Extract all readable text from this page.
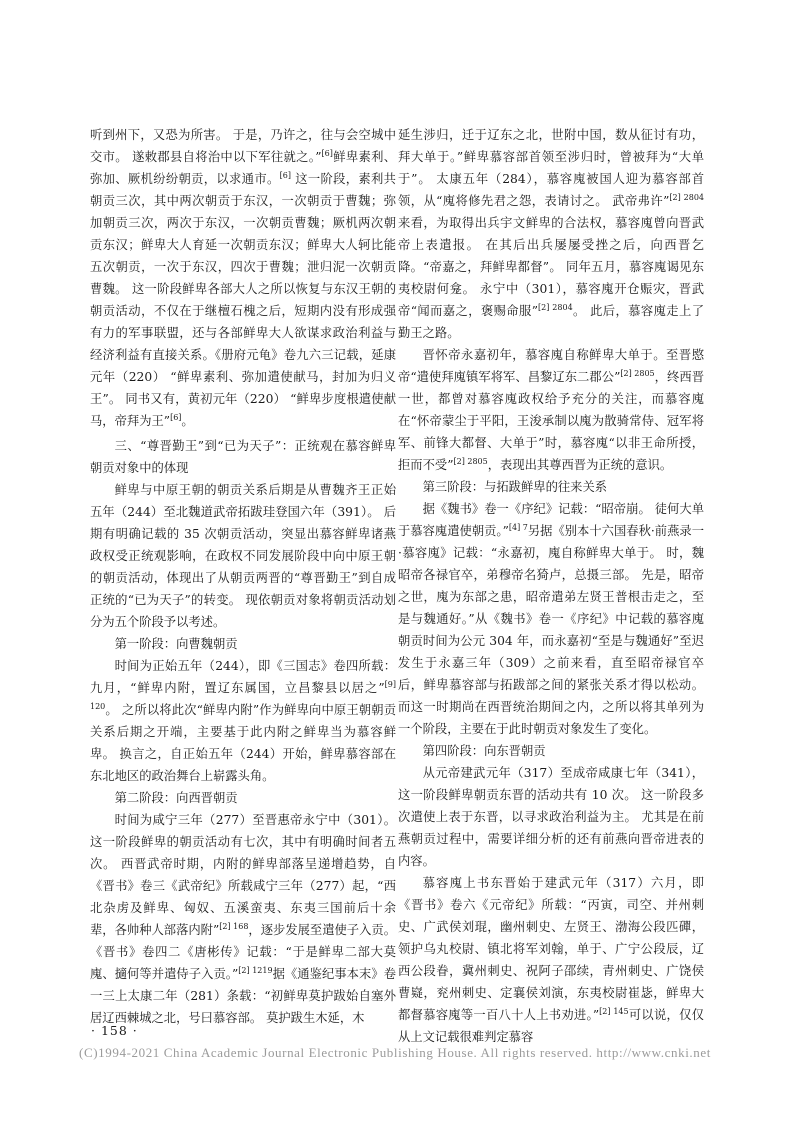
听到州下，又恐为所害。 于是，乃许之，往与会空城中交市。 遂敕郡县自将治中以下军往就之。”[6]鲜卑素利、弥加、厥机纷纷朝贡，以求通市。[6] 这一阶段，素利共朝贡三次，其中两次朝贡于东汉，一次朝贡于曹魏；弥加朝贡三次，两次于东汉，一次朝贡曹魏；厥机两次朝贡东汉；鲜卑大人育延一次朝贡东汉；鲜卑大人轲比能五次朝贡，一次于东汉，四次于曹魏；泄归泥一次朝贡曹魏。 这一阶段鲜卑各部大人之所以恢复与东汉王朝的朝贡活动，不仅在于继檀石槐之后，短期内没有形成强有力的军事联盟，还与各部鲜卑大人欲谋求政治利益与经济利益有直接关系。《册府元龟》卷九六三记载，延康元年（220） “鲜卑素利、弥加遣使献马，封加为归义王”。 同书又有，黄初元年（220） “鲜卑步度根遣使献马，帝拜为王”[6]。

三、“尊晋勤王”到“已为天子”：正统观在慕容鲜卑朝贡对象中的体现

鲜卑与中原王朝的朝贡关系后期是从曹魏齐王正始五年（244）至北魏道武帝拓跋珪登国六年（391）。 后期有明确记载的 35 次朝贡活动，突显出慕容鲜卑诸燕政权受正统观影响，在政权不同发展阶段中向中原王朝的朝贡活动，体现出了从朝贡两晋的“尊晋勤王”到自成正统的“已为天子”的转变。 现依朝贡对象将朝贡活动划分为五个阶段予以考述。

第一阶段：向曹魏朝贡

时间为正始五年（244），即《三国志》卷四所载：九月，“鲜卑内附，置辽东属国，立昌黎县以居之”$^{[9] 120}$。 之所以将此次“鲜卑内附”作为鲜卑向中原王朝朝贡关系后期之开端，主要基于此内附之鲜卑当为慕容鲜卑。 换言之，自正始五年（244）开始，鲜卑慕容部在东北地区的政治舞台上崭露头角。

第二阶段：向西晋朝贡

时间为咸宁三年（277）至晋惠帝永宁中（301）。 这一阶段鲜卑的朝贡活动有七次，其中有明确时间者五次。 西晋武帝时期，内附的鲜卑部落呈递增趋势，自《晋书》卷三《武帝纪》所载咸宁三年（277）起，“西北杂虏及鲜卑、匈奴、五溪蛮夷、东夷三国前后十余辈，各帅种人部落内附”$^{[2] 168}$，逐步发展至遣使子入贡。《晋书》卷四二《唐彬传》记载：“于是鲜卑二部大莫廆、擿何等并遣侍子入贡。”$^{[2] 1219}$据《通鉴纪事本末》卷一三上太康二年（281）条载：“初鲜卑莫护跋始自塞外居辽西棘城之北，号曰慕容部。 莫护跋生木延，木

延生涉归，迁于辽东之北，世附中国，数从征讨有功，拜大单于。”鲜卑慕容部首领至涉归时，曾被拜为“大单于”。 太康五年（284），慕容廆被国人迎为慕容部首领，从“廆将修先君之怨，表请讨之。 武帝弗许”$^{[2] 2804}$来看，为取得出兵宇文鲜卑的合法权，慕容廆曾向晋武帝上表遣报。 在其后出兵屡屡受挫之后，向西晋乞降。“帝嘉之，拜鲜卑都督”。 同年五月，慕容廆谒见东夷校尉何龛。 永宁中（301），慕容廆开仓赈灾，晋武帝“闻而嘉之，褒赐命服”$^{[2] 2804}$。 此后，慕容廆走上了勤王之路。

晋怀帝永嘉初年，慕容廆自称鲜卑大单于。至晋愍帝“遣使拜廆镇军将军、昌黎辽东二郡公”$^{[2] 2805}$，终西晋一世，都曾对慕容廆政权给予充分的关注，而慕容廆在“怀帝蒙尘于平阳，王浚承制以廆为散骑常侍、冠军将军、前锋大都督、大单于”时，慕容廆“以非王命所授，拒而不受”$^{[2] 2805}$，表现出其尊西晋为正统的意识。

第三阶段：与拓跋鲜卑的往来关系

据《魏书》卷一《序纪》记载：“昭帝崩。 徒何大单于慕容廆遣使朝贡。”$^{[4] 7}$另据《别本十六国春秋·前燕录一·慕容廆》记载：“永嘉初，廆自称鲜卑大单于。 时，魏昭帝各禄官卒，弟穆帝名猗卢，总摄三部。 先是，昭帝之世，廆为东部之患，昭帝遣弟左贤王普根击走之，至是与魏通好。”从《魏书》卷一《序纪》中记载的慕容廆朝贡时间为公元 304 年，而永嘉初“至是与魏通好”至迟发生于永嘉三年（309）之前来看，直至昭帝禄官卒后，鲜卑慕容部与拓跋部之间的紧张关系才得以松动。 而这一时期尚在西晋统治期间之内，之所以将其单列为一个阶段，主要在于此时朝贡对象发生了变化。

第四阶段：向东晋朝贡

从元帝建武元年（317）至成帝咸康七年（341），这一阶段鲜卑朝贡东晋的活动共有 10 次。 这一阶段多次遣使上表于东晋，以寻求政治利益为主。 尤其是在前燕朝贡过程中，需要详细分析的还有前燕向晋帝进表的内容。

慕容廆上书东晋始于建武元年（317）六月，即《晋书》卷六《元帝纪》所载：“丙寅，司空、并州刺史、广武侯刘琨，幽州刺史、左贤王、渤海公段匹磾，领护乌丸校尉、镇北将军刘翰，单于、广宁公段辰，辽西公段眷，冀州刺史、祝阿子邵续，青州刺史、广饶侯曹嶷，兖州刺史、定襄侯刘演，东夷校尉崔毖，鲜卑大都督慕容廆等一百八十人上书劝进。”$^{[2] 145}$可以说，仅仅从上文记载很难判定慕容

· 158 ·
(C)1994-2021 China Academic Journal Electronic Publishing House. All rights reserved. http://www.cnki.net
